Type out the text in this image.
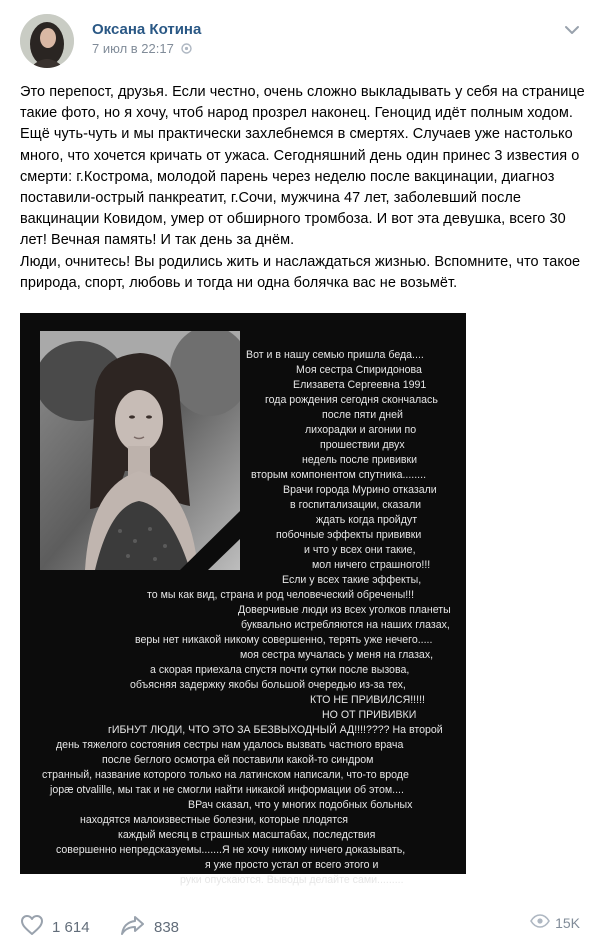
Оксана Котина
7 июл в 22:17

Это перепост, друзья. Если честно, очень сложно выкладывать у себя на странице такие фото, но я хочу, чтоб народ прозрел наконец. Геноцид идёт полным ходом. Ещё чуть-чуть и мы практически захлебнемся в смертях. Случаев уже настолько много, что хочется кричать от ужаса. Сегодняшний день один принес 3 известия о смерти: г.Кострома, молодой парень через неделю после вакцинации, диагноз поставили-острый панкреатит, г.Сочи, мужчина 47 лет, заболевший после вакцинации Ковидом, умер от обширного тромбоза. И вот эта девушка, всего 30 лет! Вечная память! И так день за днём.

Люди, очнитесь! Вы родились жить и наслаждаться жизнью. Вспомните, что такое природа, спорт, любовь и тогда ни одна болячка вас не возьмёт.

Вот и в нашу семью пришла беда....
Моя сестра Спиридонова
Елизавета Сергеевна 1991
года рождения сегодня скончалась
после пяти дней
лихорадки и агонии по
прошествии двух
недель после прививки
вторым компонентом спутника........
Врачи города Мурино отказали
в госпитализации, сказали
ждать когда пройдут
побочные эффекты прививки
и что у всех они такие,
мол ничего страшного!!!
Если у всех такие эффекты,
то мы как вид, страна и род человеческий обречены!!!
Доверчивые люди из всех уголков планеты
буквально истребляются на наших глазах,
веры нет никакой никому совершенно, терять уже нечего.....
моя сестра мучалась у меня на глазах,
а скорая приехала спустя почти сутки после вызова,
объясняя задержку якобы большой очередью из-за тех,
КТО НЕ ПРИВИЛСЯ!!!!!
НО ОТ ПРИВИВКИ
гИБНУТ ЛЮДИ, ЧТО ЭТО ЗА БЕЗВЫХОДНЫЙ АД!!!!???? На второй
день тяжелого состояния сестры нам удалось вызвать частного врача
после беглого осмотра ей поставили какой-то синдром
странный, название которого только на латинском написали, что-то вроде
jорæ otvalille, мы так и не смогли найти никакой информации об этом....
ВРач сказал, что у многих подобных больных
находятся малоизвестные болезни, которые плодятся
каждый месяц в страшных масштабах, последствия
совершенно непредсказуемы.......Я не хочу никому ничего доказывать,
я уже просто устал от всего этого и
руки опускаются. Выводы делайте сами.........
1 614	838	15K
